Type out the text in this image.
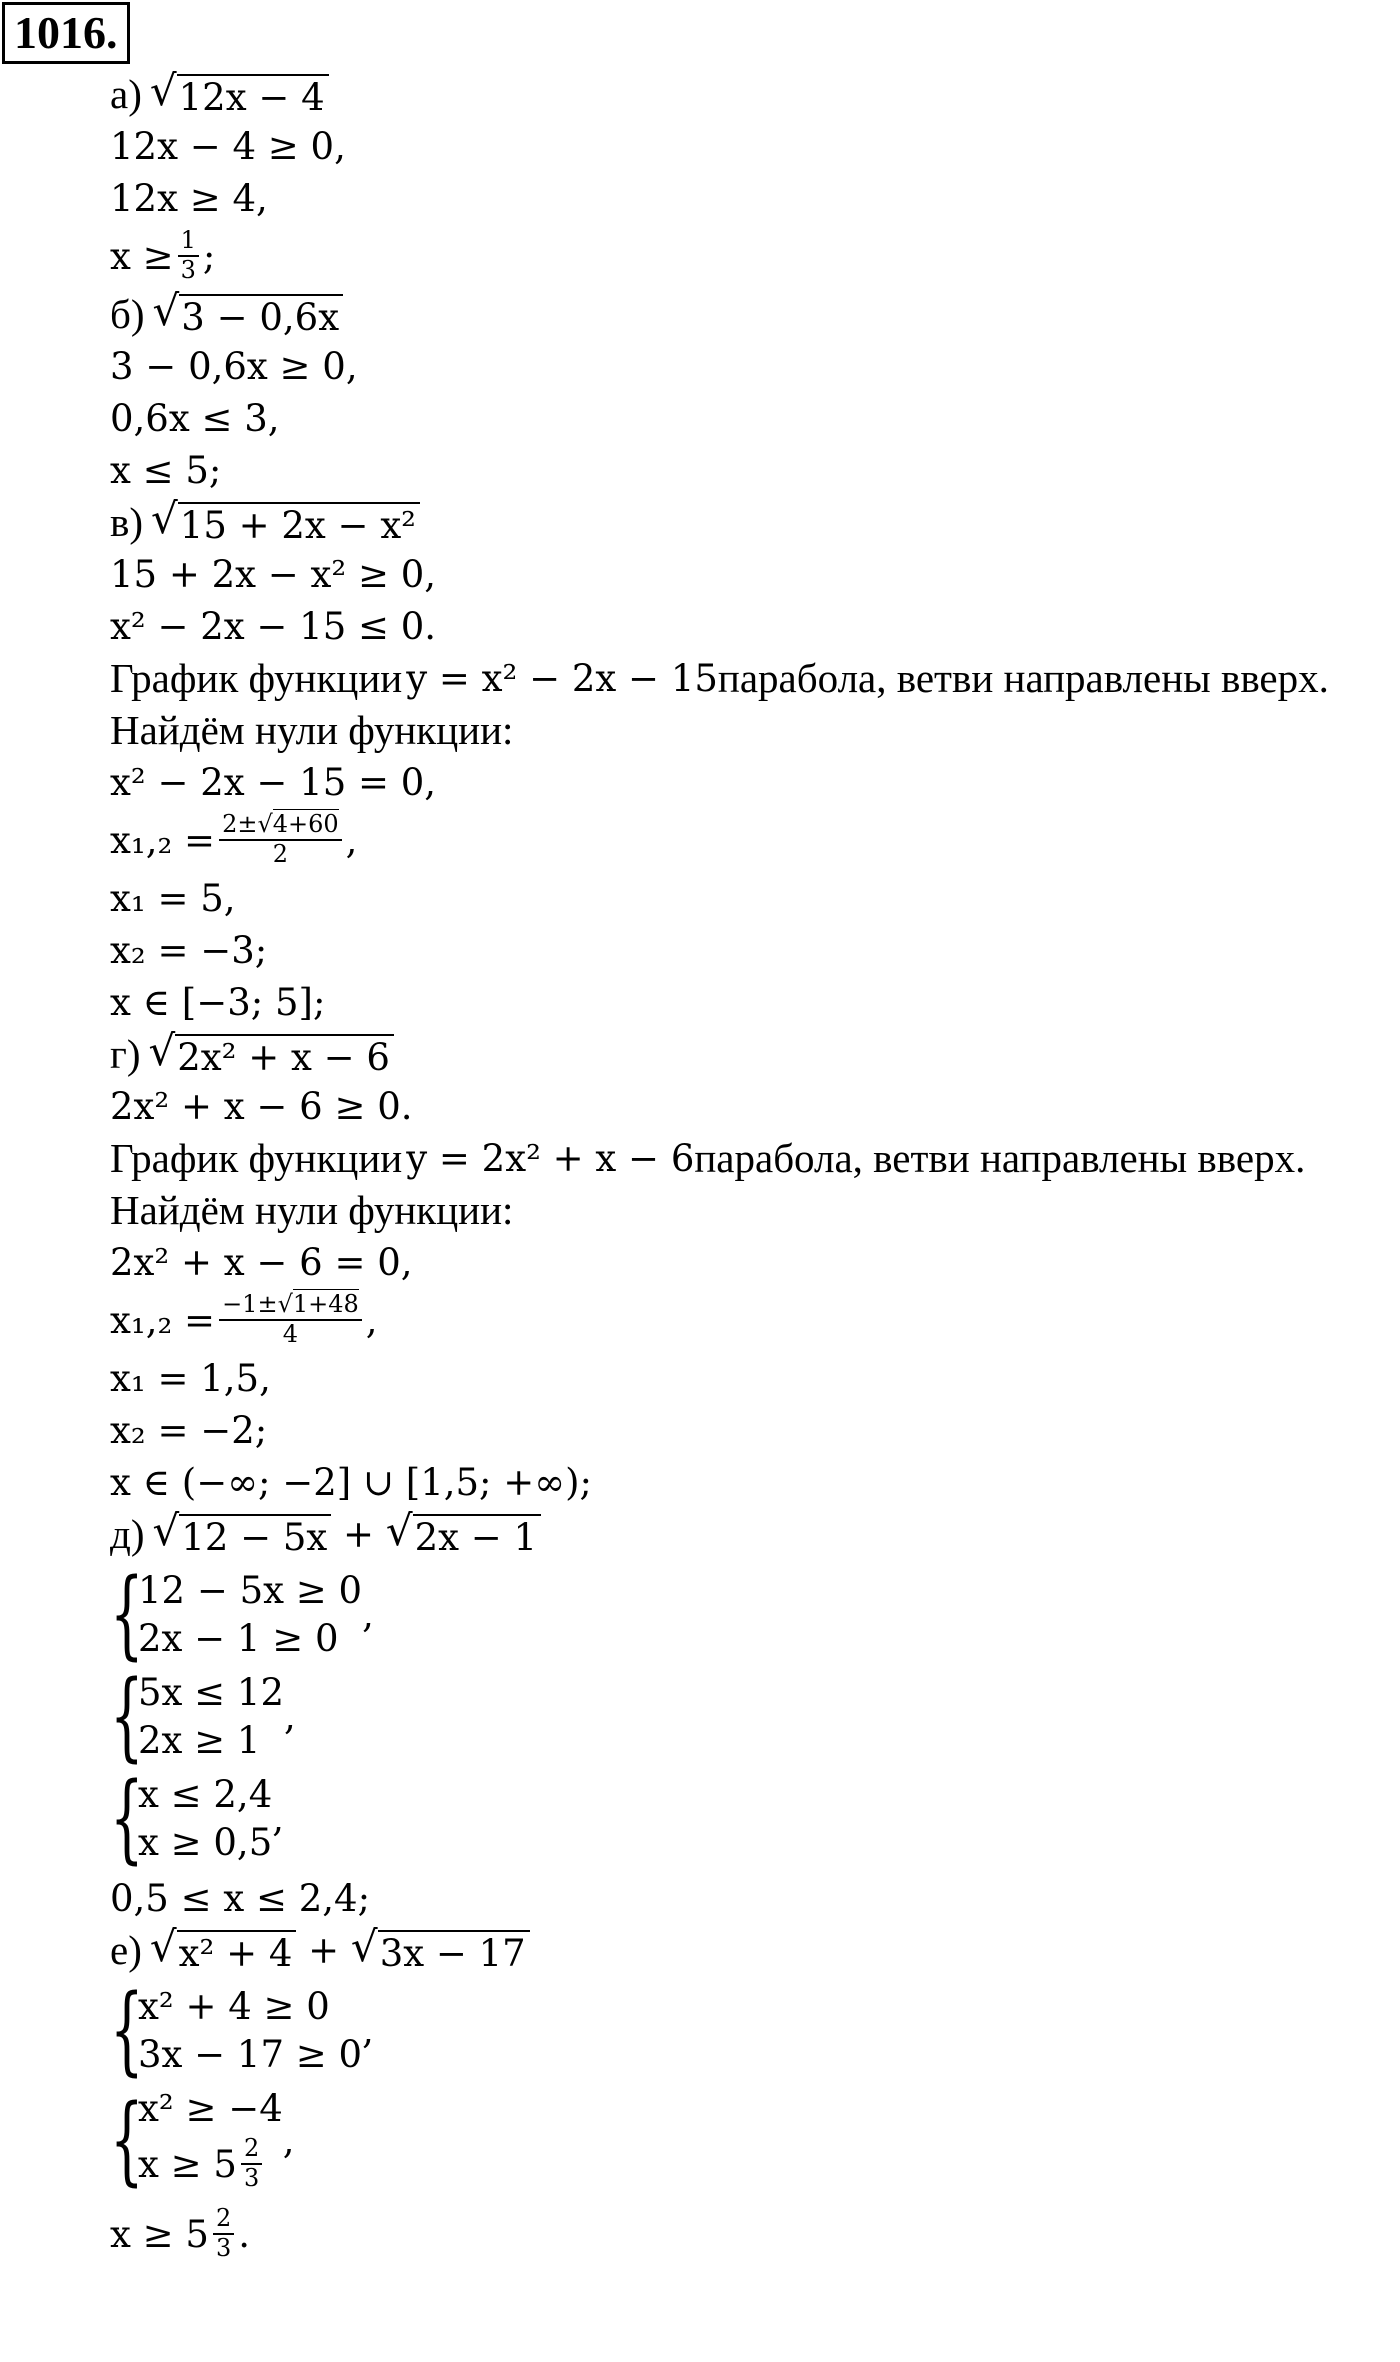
1016.
а) √ 12x − 4
12x − 4 ≥ 0,
12x ≥ 4,
$x \ge \frac{1}{3}$ ;
б) √ 3 − 0,6x
3 − 0,6x ≥ 0,
0,6x ≤ 3,
x ≤ 5;
в) √ 15 + 2x − x²
15 + 2x − x² ≥ 0,
x² − 2x − 15 ≤ 0.
График функции
y = x² − 2x − 15 парабола, ветви направлены вверх.
Найдём нули функции:
x² − 2x − 15 = 0,
$x_1,_2 = \frac{2\pm√4+60}{2}$ ,
x₁ = 5,
x₂ = −3;
x ∈ [−3; 5];
г) √ 2x² + x − 6
2x² + x − 6 ≥ 0.
График функции
y = 2x² + x − 6 парабола, ветви направлены вверх.
Найдём нули функции:
2x² + x − 6 = 0,
$x_1,_2 = \frac{-1\pm√1+48}{4}$ ,
x₁ = 1,5,
x₂ = −2;
x ∈ (−∞; −2] ∪ [1,5; +∞);
д) √ 12 − 5x + √ 2x − 1
{
12 − 5x ≥ 0
2x − 1 ≥ 0
,
{
5x ≤ 12
2x ≥ 1
,
{
x ≤ 2,4
x ≥ 0,5
,
0,5 ≤ x ≤ 2,4;
е) √ x² + 4 + √ 3x − 17
{
x² + 4 ≥ 0
3x − 17 ≥ 0
,
{
x² ≥ −4
$x \ge 5 \frac{2}{3}$ ,
$x \ge 5 \frac{2}{3}$ .
